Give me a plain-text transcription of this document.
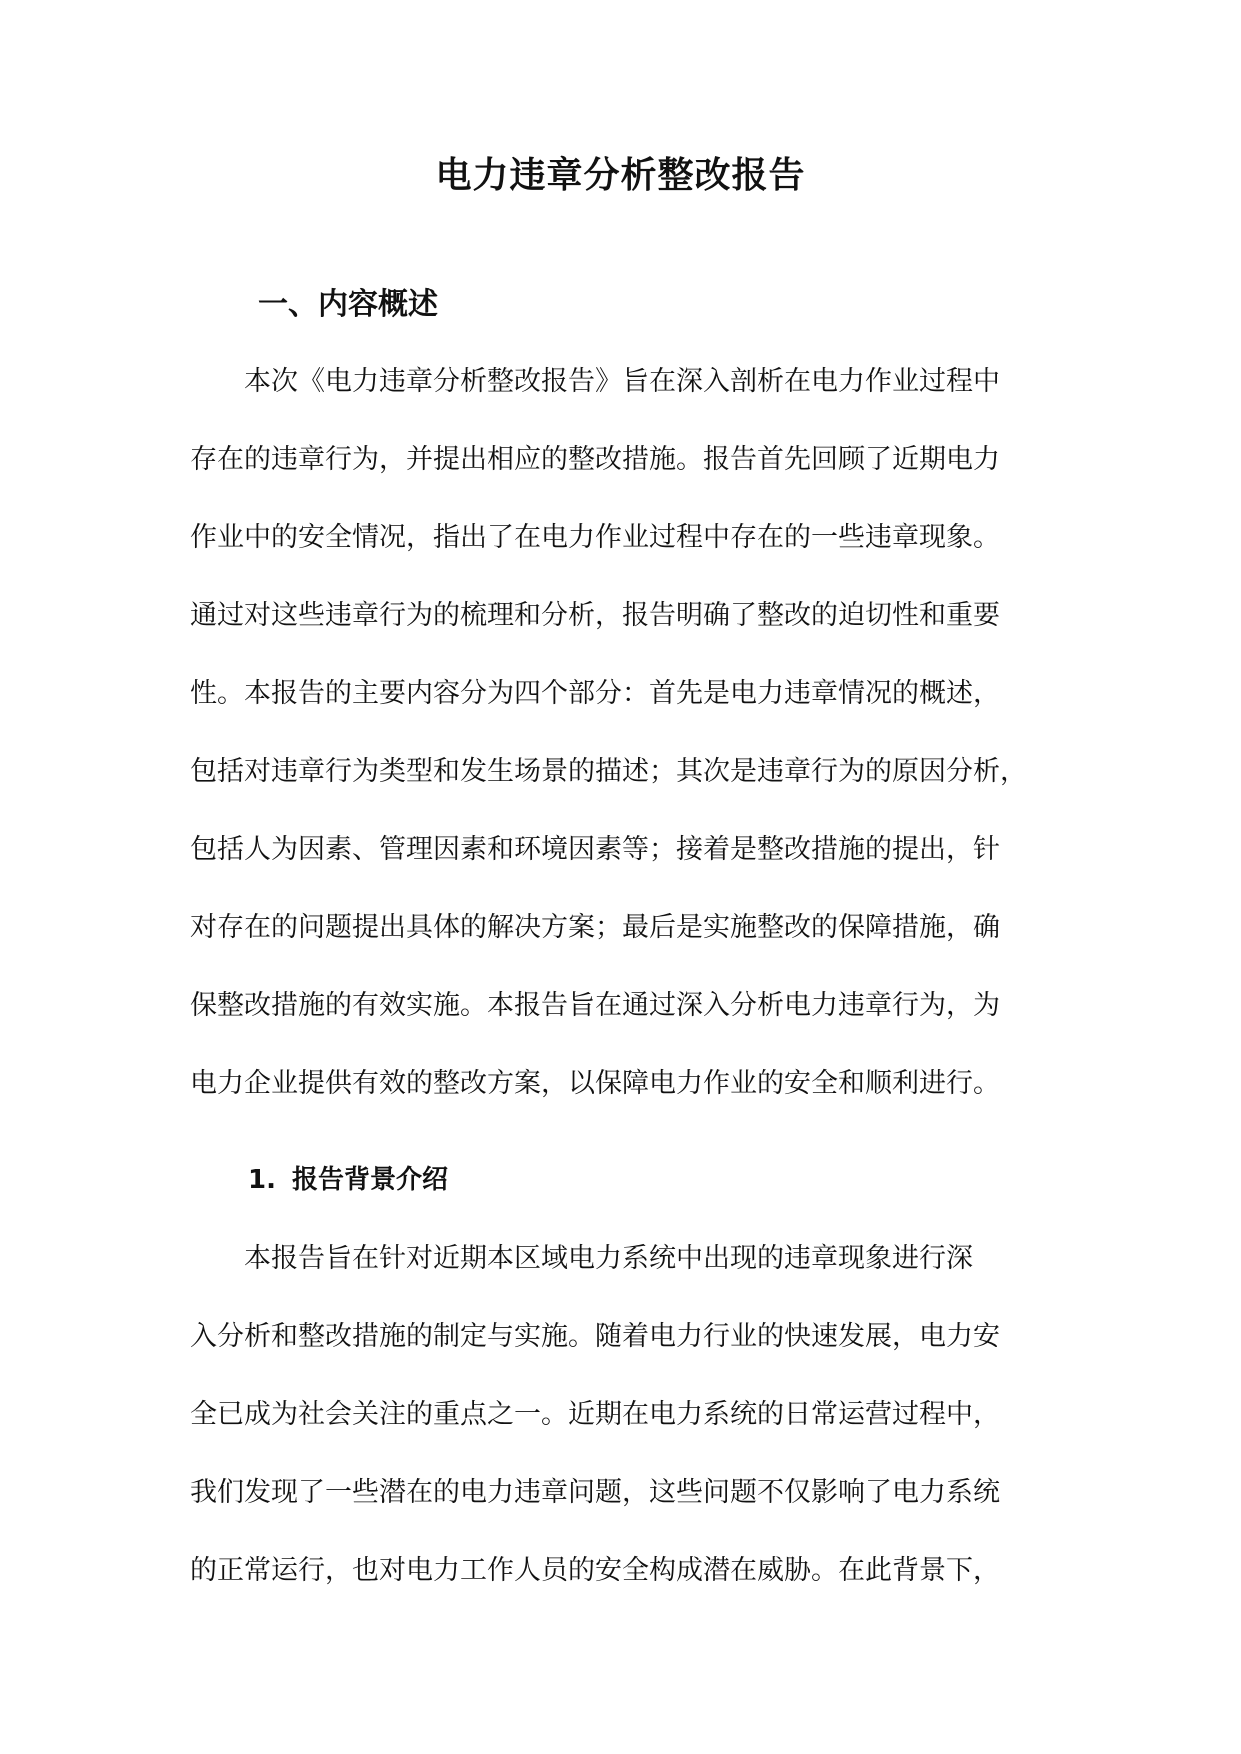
电力违章分析整改报告
一、内容概述
本次《电力违章分析整改报告》旨在深入剖析在电力作业过程中
存在的违章行为，并提出相应的整改措施。报告首先回顾了近期电力
作业中的安全情况，指出了在电力作业过程中存在的一些违章现象。
通过对这些违章行为的梳理和分析，报告明确了整改的迫切性和重要
性。本报告的主要内容分为四个部分：首先是电力违章情况的概述，
包括对违章行为类型和发生场景的描述；其次是违章行为的原因分析，
包括人为因素、管理因素和环境因素等；接着是整改措施的提出，针
对存在的问题提出具体的解决方案；最后是实施整改的保障措施，确
保整改措施的有效实施。本报告旨在通过深入分析电力违章行为，为
电力企业提供有效的整改方案，以保障电力作业的安全和顺利进行。
1. 报告背景介绍
本报告旨在针对近期本区域电力系统中出现的违章现象进行深
入分析和整改措施的制定与实施。随着电力行业的快速发展，电力安
全已成为社会关注的重点之一。近期在电力系统的日常运营过程中，
我们发现了一些潜在的电力违章问题，这些问题不仅影响了电力系统
的正常运行，也对电力工作人员的安全构成潜在威胁。在此背景下，
